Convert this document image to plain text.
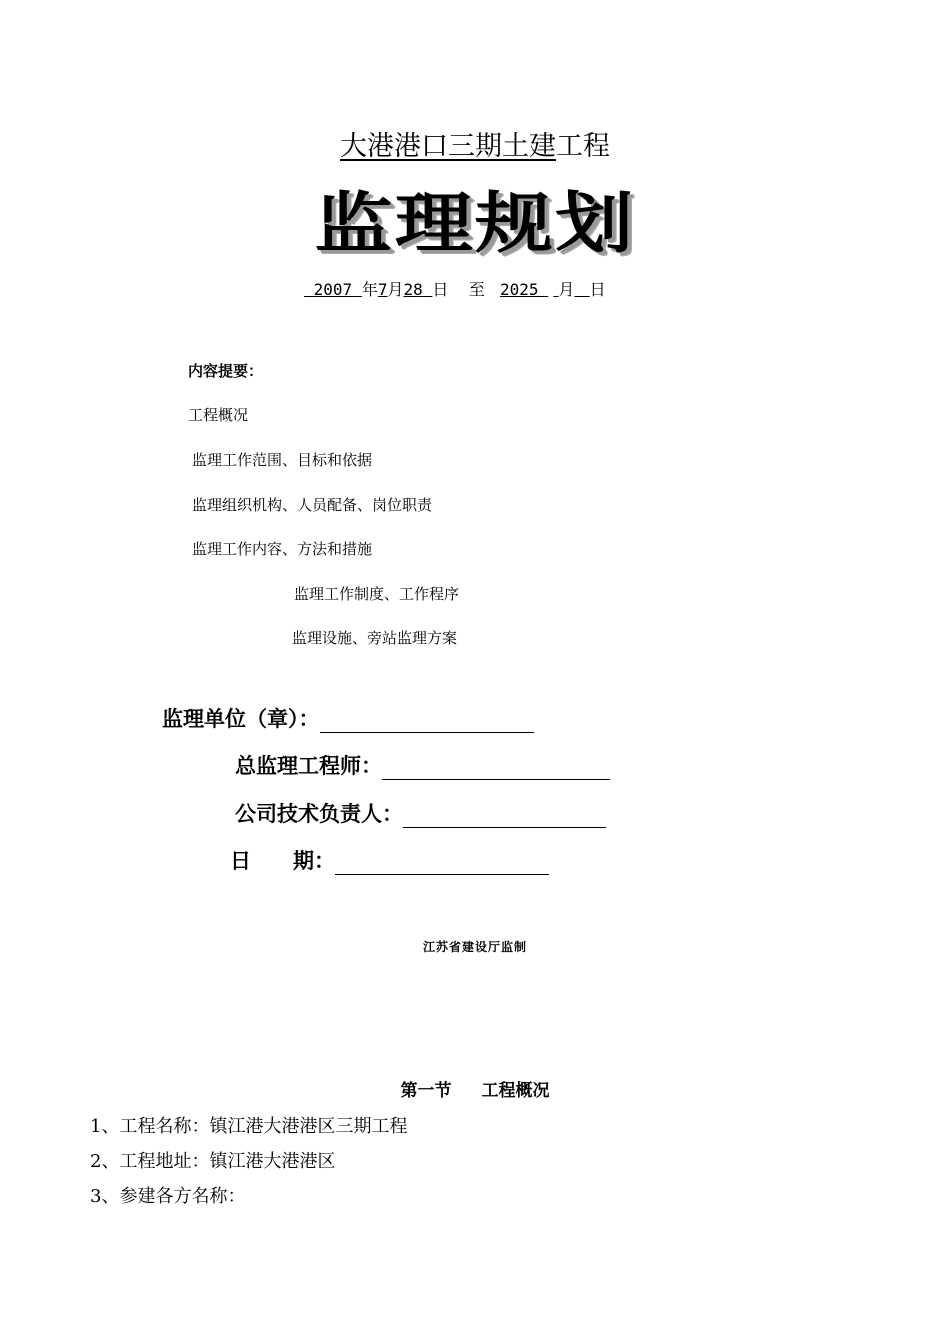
大港港口三期土建工程
监理规划
2007 年7月28 日 至 2025 月 日
内容提要：
工程概况
监理工作范围、目标和依据
监理组织机构、人员配备、岗位职责
监理工作内容、方法和措施
监理工作制度、工作程序
监理设施、旁站监理方案
监理单位（章）：
总监理工程师：
公司技术负责人：
日　　期：
江苏省建设厅监制
第一节 工程概况
1、工程名称：镇江港大港港区三期工程
2、工程地址：镇江港大港港区
3、参建各方名称：
